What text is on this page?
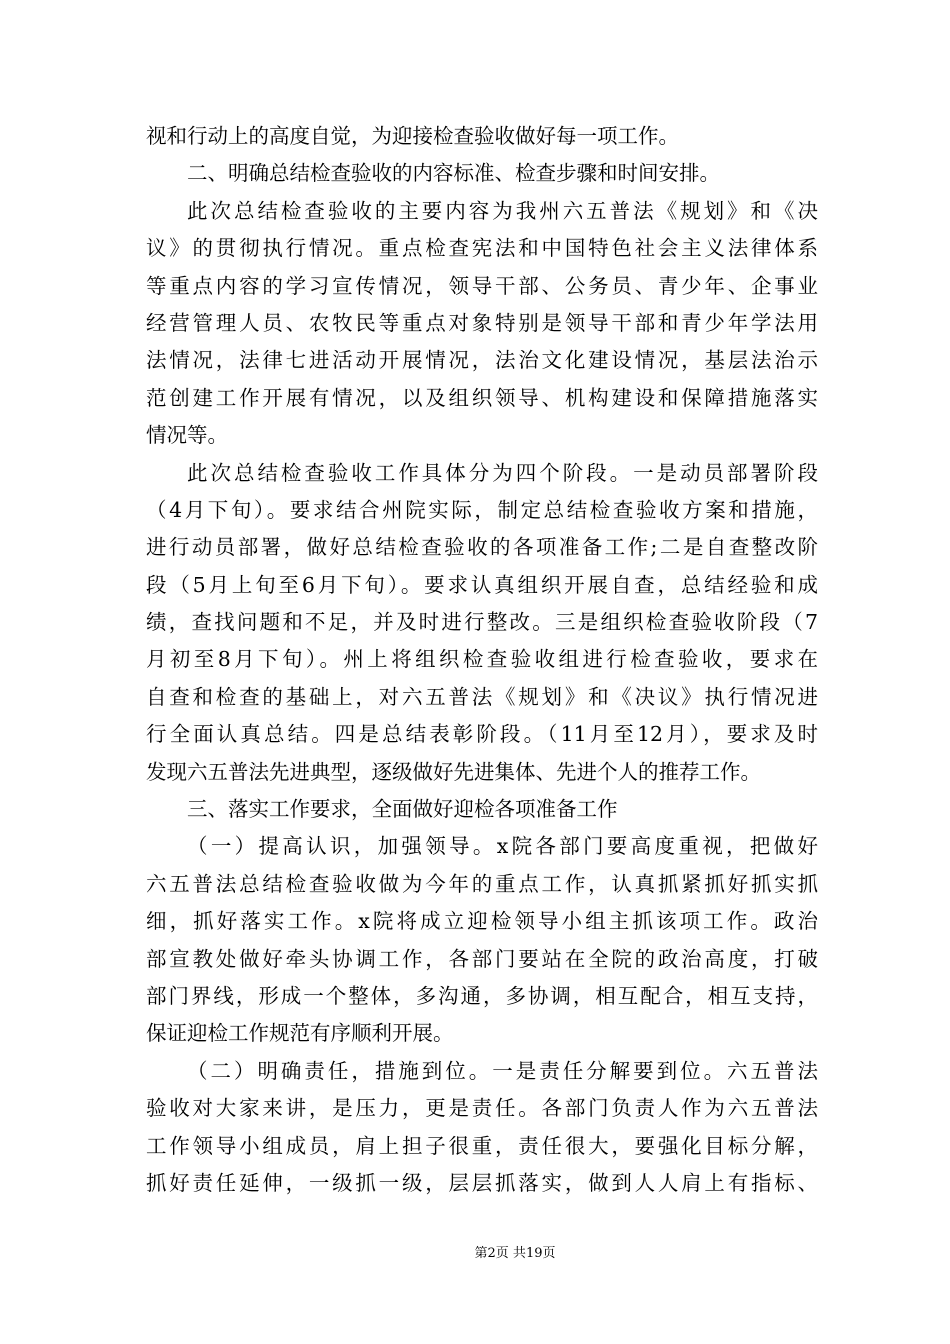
视和行动上的高度自觉，为迎接检查验收做好每一项工作。
二、明确总结检查验收的内容标准、检查步骤和时间安排。
此次总结检查验收的主要内容为我州六五普法《规划》和《决
议》的贯彻执行情况。重点检查宪法和中国特色社会主义法律体系
等重点内容的学习宣传情况，领导干部、公务员、青少年、企事业
经营管理人员、农牧民等重点对象特别是领导干部和青少年学法用
法情况，法律七进活动开展情况，法治文化建设情况，基层法治示
范创建工作开展有情况，以及组织领导、机构建设和保障措施落实
情况等。
此次总结检查验收工作具体分为四个阶段。一是动员部署阶段
（4月下旬）。要求结合州院实际，制定总结检查验收方案和措施，
进行动员部署，做好总结检查验收的各项准备工作;二是自查整改阶
段（5月上旬至6月下旬）。要求认真组织开展自查，总结经验和成
绩，查找问题和不足，并及时进行整改。三是组织检查验收阶段（7
月初至8月下旬）。州上将组织检查验收组进行检查验收，要求在
自查和检查的基础上，对六五普法《规划》和《决议》执行情况进
行全面认真总结。四是总结表彰阶段。（11月至12月），要求及时
发现六五普法先进典型，逐级做好先进集体、先进个人的推荐工作。
三、落实工作要求，全面做好迎检各项准备工作
（一）提高认识，加强领导。x院各部门要高度重视，把做好
六五普法总结检查验收做为今年的重点工作，认真抓紧抓好抓实抓
细，抓好落实工作。x院将成立迎检领导小组主抓该项工作。政治
部宣教处做好牵头协调工作，各部门要站在全院的政治高度，打破
部门界线，形成一个整体，多沟通，多协调，相互配合，相互支持，
保证迎检工作规范有序顺利开展。
（二）明确责任，措施到位。一是责任分解要到位。六五普法
验收对大家来讲，是压力，更是责任。各部门负责人作为六五普法
工作领导小组成员，肩上担子很重，责任很大，要强化目标分解，
抓好责任延伸，一级抓一级，层层抓落实，做到人人肩上有指标、
第2页 共19页
